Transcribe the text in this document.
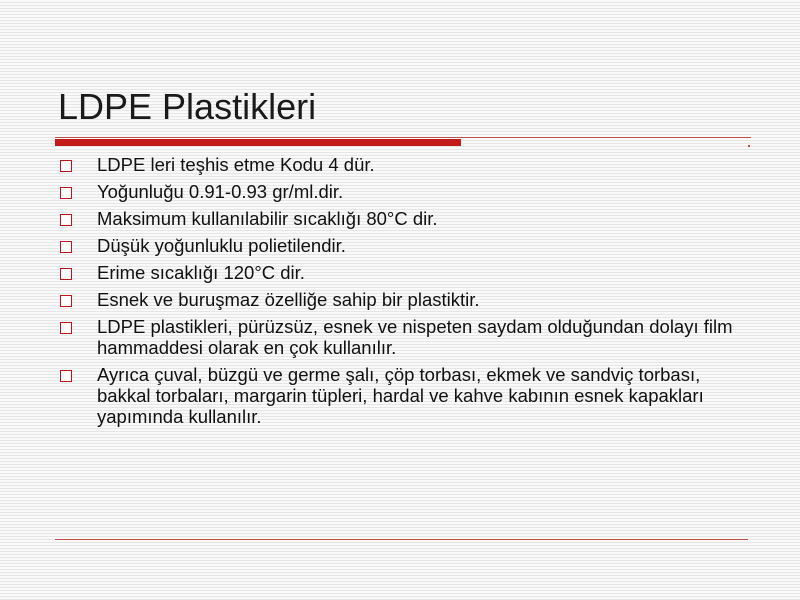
LDPE Plastikleri
LDPE leri teşhis etme Kodu 4 dür.
Yoğunluğu 0.91-0.93 gr/ml.dir.
Maksimum kullanılabilir sıcaklığı 80°C dir.
Düşük yoğunluklu polietilendir.
Erime sıcaklığı 120°C dir.
Esnek ve buruşmaz özelliğe sahip bir plastiktir.
LDPE plastikleri, pürüzsüz, esnek ve nispeten saydam olduğundan dolayı film hammaddesi olarak en çok kullanılır.
Ayrıca çuval, büzgü ve germe şalı, çöp torbası, ekmek ve sandviç torbası, bakkal torbaları, margarin tüpleri, hardal ve kahve kabının esnek kapakları yapımında kullanılır.
